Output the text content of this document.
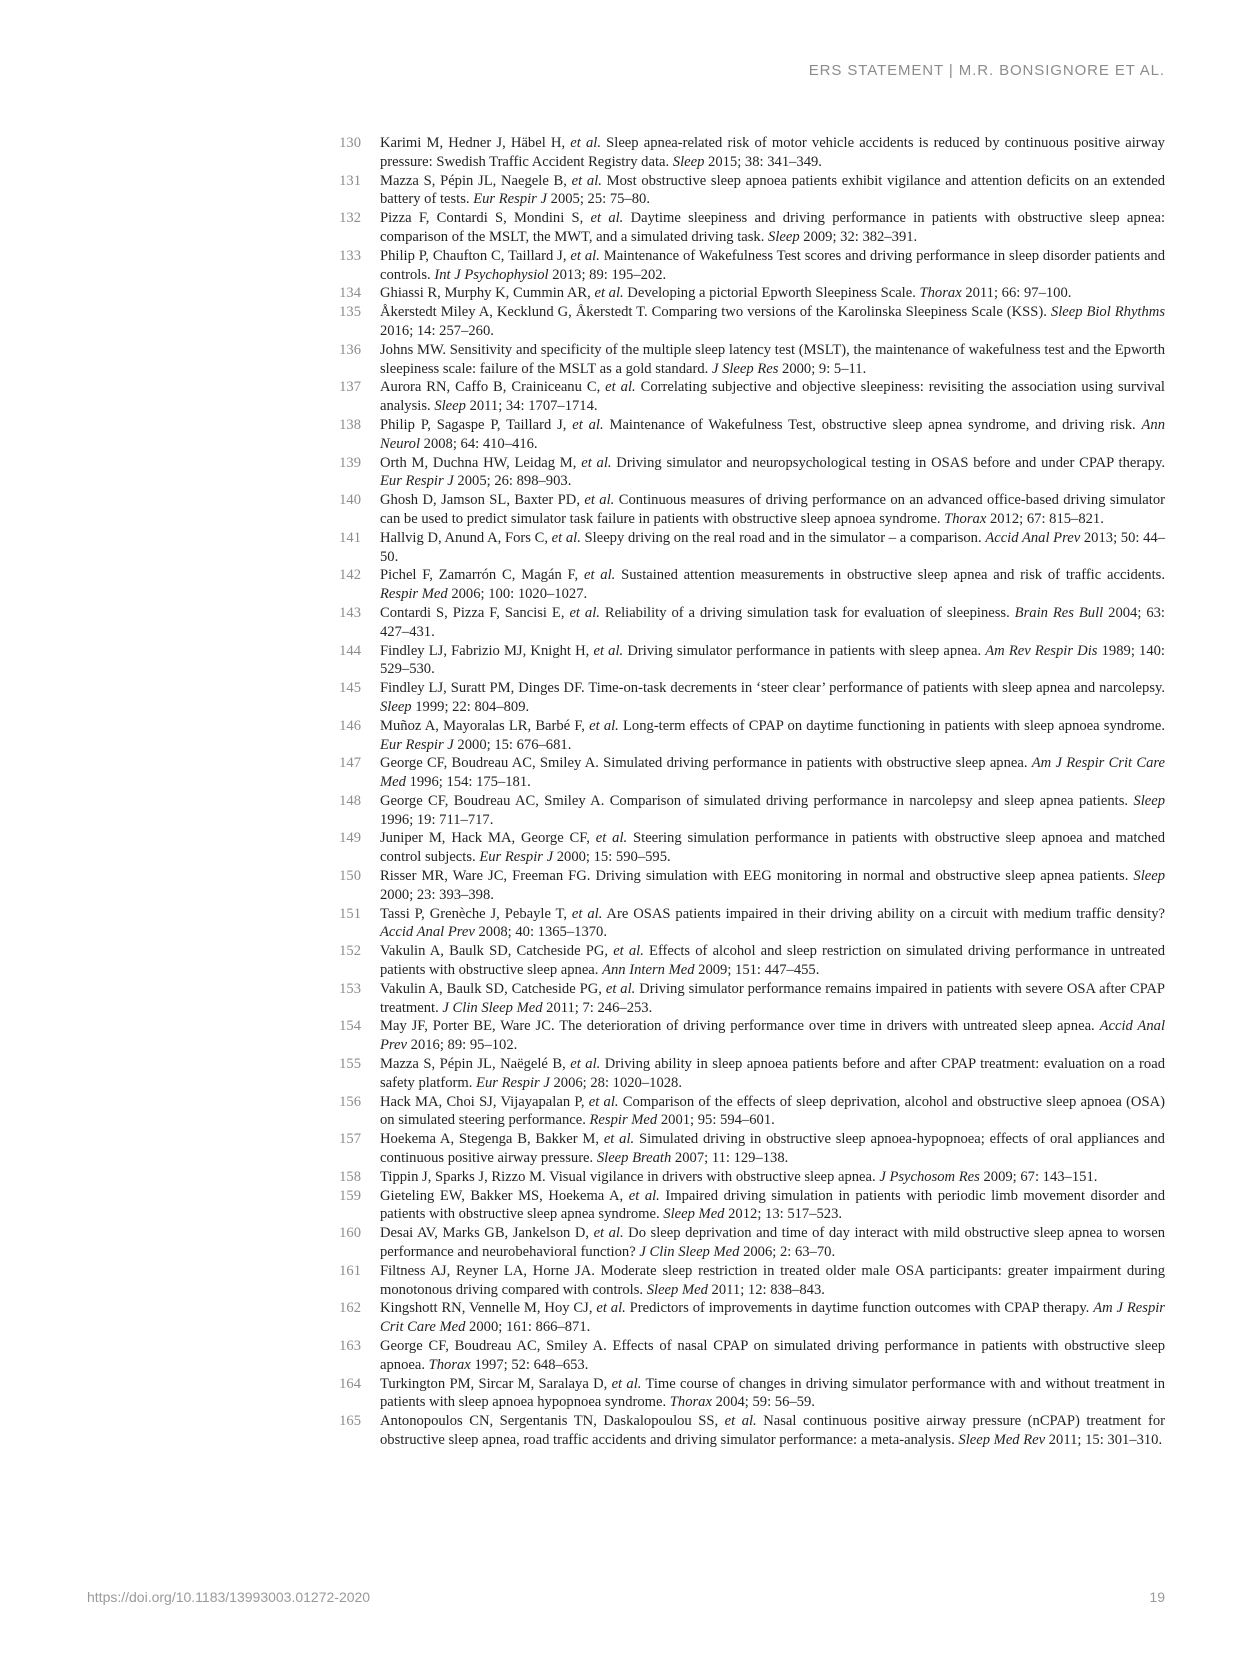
ERS STATEMENT | M.R. BONSIGNORE ET AL.
130 Karimi M, Hedner J, Häbel H, et al. Sleep apnea-related risk of motor vehicle accidents is reduced by continuous positive airway pressure: Swedish Traffic Accident Registry data. Sleep 2015; 38: 341–349.
131 Mazza S, Pépin JL, Naegele B, et al. Most obstructive sleep apnoea patients exhibit vigilance and attention deficits on an extended battery of tests. Eur Respir J 2005; 25: 75–80.
132 Pizza F, Contardi S, Mondini S, et al. Daytime sleepiness and driving performance in patients with obstructive sleep apnea: comparison of the MSLT, the MWT, and a simulated driving task. Sleep 2009; 32: 382–391.
133 Philip P, Chaufton C, Taillard J, et al. Maintenance of Wakefulness Test scores and driving performance in sleep disorder patients and controls. Int J Psychophysiol 2013; 89: 195–202.
134 Ghiassi R, Murphy K, Cummin AR, et al. Developing a pictorial Epworth Sleepiness Scale. Thorax 2011; 66: 97–100.
135 Åkerstedt Miley A, Kecklund G, Åkerstedt T. Comparing two versions of the Karolinska Sleepiness Scale (KSS). Sleep Biol Rhythms 2016; 14: 257–260.
136 Johns MW. Sensitivity and specificity of the multiple sleep latency test (MSLT), the maintenance of wakefulness test and the Epworth sleepiness scale: failure of the MSLT as a gold standard. J Sleep Res 2000; 9: 5–11.
137 Aurora RN, Caffo B, Crainiceanu C, et al. Correlating subjective and objective sleepiness: revisiting the association using survival analysis. Sleep 2011; 34: 1707–1714.
138 Philip P, Sagaspe P, Taillard J, et al. Maintenance of Wakefulness Test, obstructive sleep apnea syndrome, and driving risk. Ann Neurol 2008; 64: 410–416.
139 Orth M, Duchna HW, Leidag M, et al. Driving simulator and neuropsychological testing in OSAS before and under CPAP therapy. Eur Respir J 2005; 26: 898–903.
140 Ghosh D, Jamson SL, Baxter PD, et al. Continuous measures of driving performance on an advanced office-based driving simulator can be used to predict simulator task failure in patients with obstructive sleep apnoea syndrome. Thorax 2012; 67: 815–821.
141 Hallvig D, Anund A, Fors C, et al. Sleepy driving on the real road and in the simulator – a comparison. Accid Anal Prev 2013; 50: 44–50.
142 Pichel F, Zamarrón C, Magán F, et al. Sustained attention measurements in obstructive sleep apnea and risk of traffic accidents. Respir Med 2006; 100: 1020–1027.
143 Contardi S, Pizza F, Sancisi E, et al. Reliability of a driving simulation task for evaluation of sleepiness. Brain Res Bull 2004; 63: 427–431.
144 Findley LJ, Fabrizio MJ, Knight H, et al. Driving simulator performance in patients with sleep apnea. Am Rev Respir Dis 1989; 140: 529–530.
145 Findley LJ, Suratt PM, Dinges DF. Time-on-task decrements in ‘steer clear’ performance of patients with sleep apnea and narcolepsy. Sleep 1999; 22: 804–809.
146 Muñoz A, Mayoralas LR, Barbé F, et al. Long-term effects of CPAP on daytime functioning in patients with sleep apnoea syndrome. Eur Respir J 2000; 15: 676–681.
147 George CF, Boudreau AC, Smiley A. Simulated driving performance in patients with obstructive sleep apnea. Am J Respir Crit Care Med 1996; 154: 175–181.
148 George CF, Boudreau AC, Smiley A. Comparison of simulated driving performance in narcolepsy and sleep apnea patients. Sleep 1996; 19: 711–717.
149 Juniper M, Hack MA, George CF, et al. Steering simulation performance in patients with obstructive sleep apnoea and matched control subjects. Eur Respir J 2000; 15: 590–595.
150 Risser MR, Ware JC, Freeman FG. Driving simulation with EEG monitoring in normal and obstructive sleep apnea patients. Sleep 2000; 23: 393–398.
151 Tassi P, Grenèche J, Pebayle T, et al. Are OSAS patients impaired in their driving ability on a circuit with medium traffic density? Accid Anal Prev 2008; 40: 1365–1370.
152 Vakulin A, Baulk SD, Catcheside PG, et al. Effects of alcohol and sleep restriction on simulated driving performance in untreated patients with obstructive sleep apnea. Ann Intern Med 2009; 151: 447–455.
153 Vakulin A, Baulk SD, Catcheside PG, et al. Driving simulator performance remains impaired in patients with severe OSA after CPAP treatment. J Clin Sleep Med 2011; 7: 246–253.
154 May JF, Porter BE, Ware JC. The deterioration of driving performance over time in drivers with untreated sleep apnea. Accid Anal Prev 2016; 89: 95–102.
155 Mazza S, Pépin JL, Naëgelé B, et al. Driving ability in sleep apnoea patients before and after CPAP treatment: evaluation on a road safety platform. Eur Respir J 2006; 28: 1020–1028.
156 Hack MA, Choi SJ, Vijayapalan P, et al. Comparison of the effects of sleep deprivation, alcohol and obstructive sleep apnoea (OSA) on simulated steering performance. Respir Med 2001; 95: 594–601.
157 Hoekema A, Stegenga B, Bakker M, et al. Simulated driving in obstructive sleep apnoea-hypopnoea; effects of oral appliances and continuous positive airway pressure. Sleep Breath 2007; 11: 129–138.
158 Tippin J, Sparks J, Rizzo M. Visual vigilance in drivers with obstructive sleep apnea. J Psychosom Res 2009; 67: 143–151.
159 Gieteling EW, Bakker MS, Hoekema A, et al. Impaired driving simulation in patients with periodic limb movement disorder and patients with obstructive sleep apnea syndrome. Sleep Med 2012; 13: 517–523.
160 Desai AV, Marks GB, Jankelson D, et al. Do sleep deprivation and time of day interact with mild obstructive sleep apnea to worsen performance and neurobehavioral function? J Clin Sleep Med 2006; 2: 63–70.
161 Filtness AJ, Reyner LA, Horne JA. Moderate sleep restriction in treated older male OSA participants: greater impairment during monotonous driving compared with controls. Sleep Med 2011; 12: 838–843.
162 Kingshott RN, Vennelle M, Hoy CJ, et al. Predictors of improvements in daytime function outcomes with CPAP therapy. Am J Respir Crit Care Med 2000; 161: 866–871.
163 George CF, Boudreau AC, Smiley A. Effects of nasal CPAP on simulated driving performance in patients with obstructive sleep apnoea. Thorax 1997; 52: 648–653.
164 Turkington PM, Sircar M, Saralaya D, et al. Time course of changes in driving simulator performance with and without treatment in patients with sleep apnoea hypopnoea syndrome. Thorax 2004; 59: 56–59.
165 Antonopoulos CN, Sergentanis TN, Daskalopoulou SS, et al. Nasal continuous positive airway pressure (nCPAP) treatment for obstructive sleep apnea, road traffic accidents and driving simulator performance: a meta-analysis. Sleep Med Rev 2011; 15: 301–310.
https://doi.org/10.1183/13993003.01272-2020	19
